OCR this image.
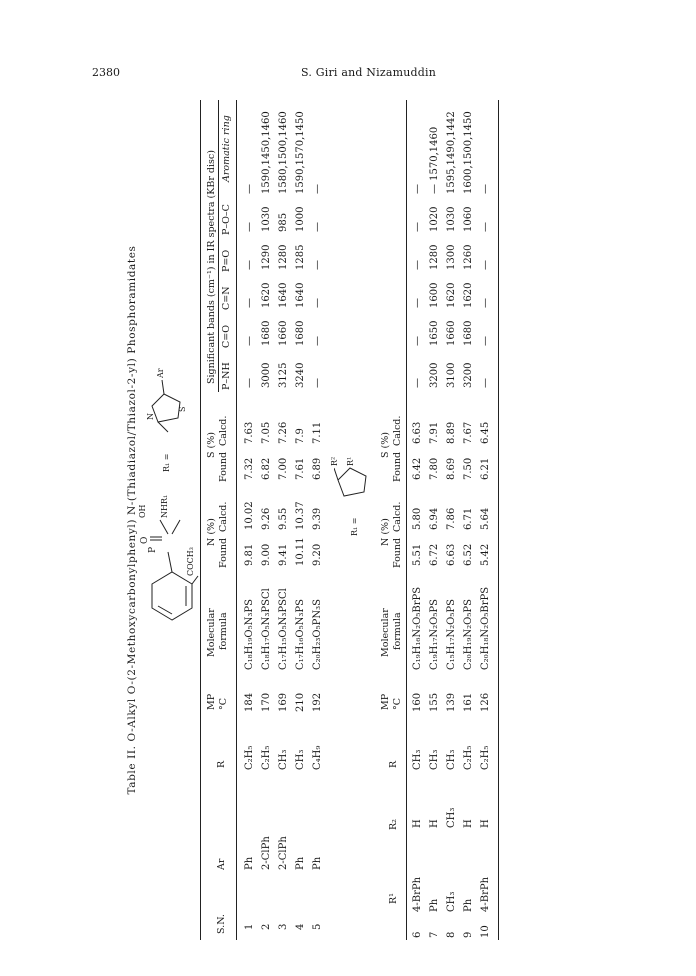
2380	S. Giri and Nizamuddin
Table II. O-Alkyl O-(2-Methoxycarbonylphenyl) N-(Thiadiazol/Thiazol-2-yl) Phosphoramidates P
O
OH NHR₁
COCH₃
R₁ =
Ar
N
S
S.N.
Ar
R
MP °C
Molecular formula
N (%)
Found
Calcd.
S (%)
Found
Calcd.
Significant bands (cm⁻¹) in IR spectra (KBr disc) P–NH
C=O
C=N
P=O
P–O–C
Aromatic ring
1
Ph
C₂H₅
184
C₁₈H₁₉O₅N₃PS
9.81
10.02
7.32
7.63
—
—
—
—
—
—
2
2-ClPh
C₂H₅
170
C₁₈H₁₇O₅N₃PSCl
9.00
9.26
6.82
7.05
3000
1680
1620
1290
1030
1590,1450,1460
3
2-ClPh
CH₃
169
C₁₇H₁₅O₅N₃PSCl
9.41
9.55
7.00
7.26
3125
1660
1640
1280
985
1580,1500,1460
4
Ph
CH₃
210
C₁₇H₁₆O₅N₃PS
10.11
10.37
7.61
7.9
3240
1680
1640
1285
1000
1590,1570,1450
5
Ph
C₄H₉
192
C₂₀H₂₃O₅PN₃S
9.20
9.39
6.89
7.11
—
—
—
—
—
—
R₁ =
R² R¹
R¹
R₂
R
MP °C
Molecular formula
N (%)
Found
Calcd.
S (%)
Found
Calcd.
6
4-BrPh
H
CH₃
160
C₁₉H₁₆N₂O₅BrPS
5.51
5.80
6.42
6.63
—
—
—
—
—
—
7
Ph
H
CH₃
155
C₁₉H₁₇N₂O₅PS
6.72
6.94
7.80
7.91
3200
1650
1600
1280
1020
— 1570,1460
8
CH₃
CH₃
CH₃
139
C₁₅H₁₇N₂O₅PS
6.63
7.86
8.69
8.89
3100
1660
1620
1300
1030
1595,1490,1442
9
Ph
H
C₂H₅
161
C₂₀H₁₉N₂O₅PS
6.52
6.71
7.50
7.67
3200
1680
1620
1260
1060
1600,1500,1450
10
4-BrPh
H
C₂H₅
126
C₂₀H₁₈N₂O₅BrPS
5.42
5.64
6.21
6.45
—
—
—
—
—
—
